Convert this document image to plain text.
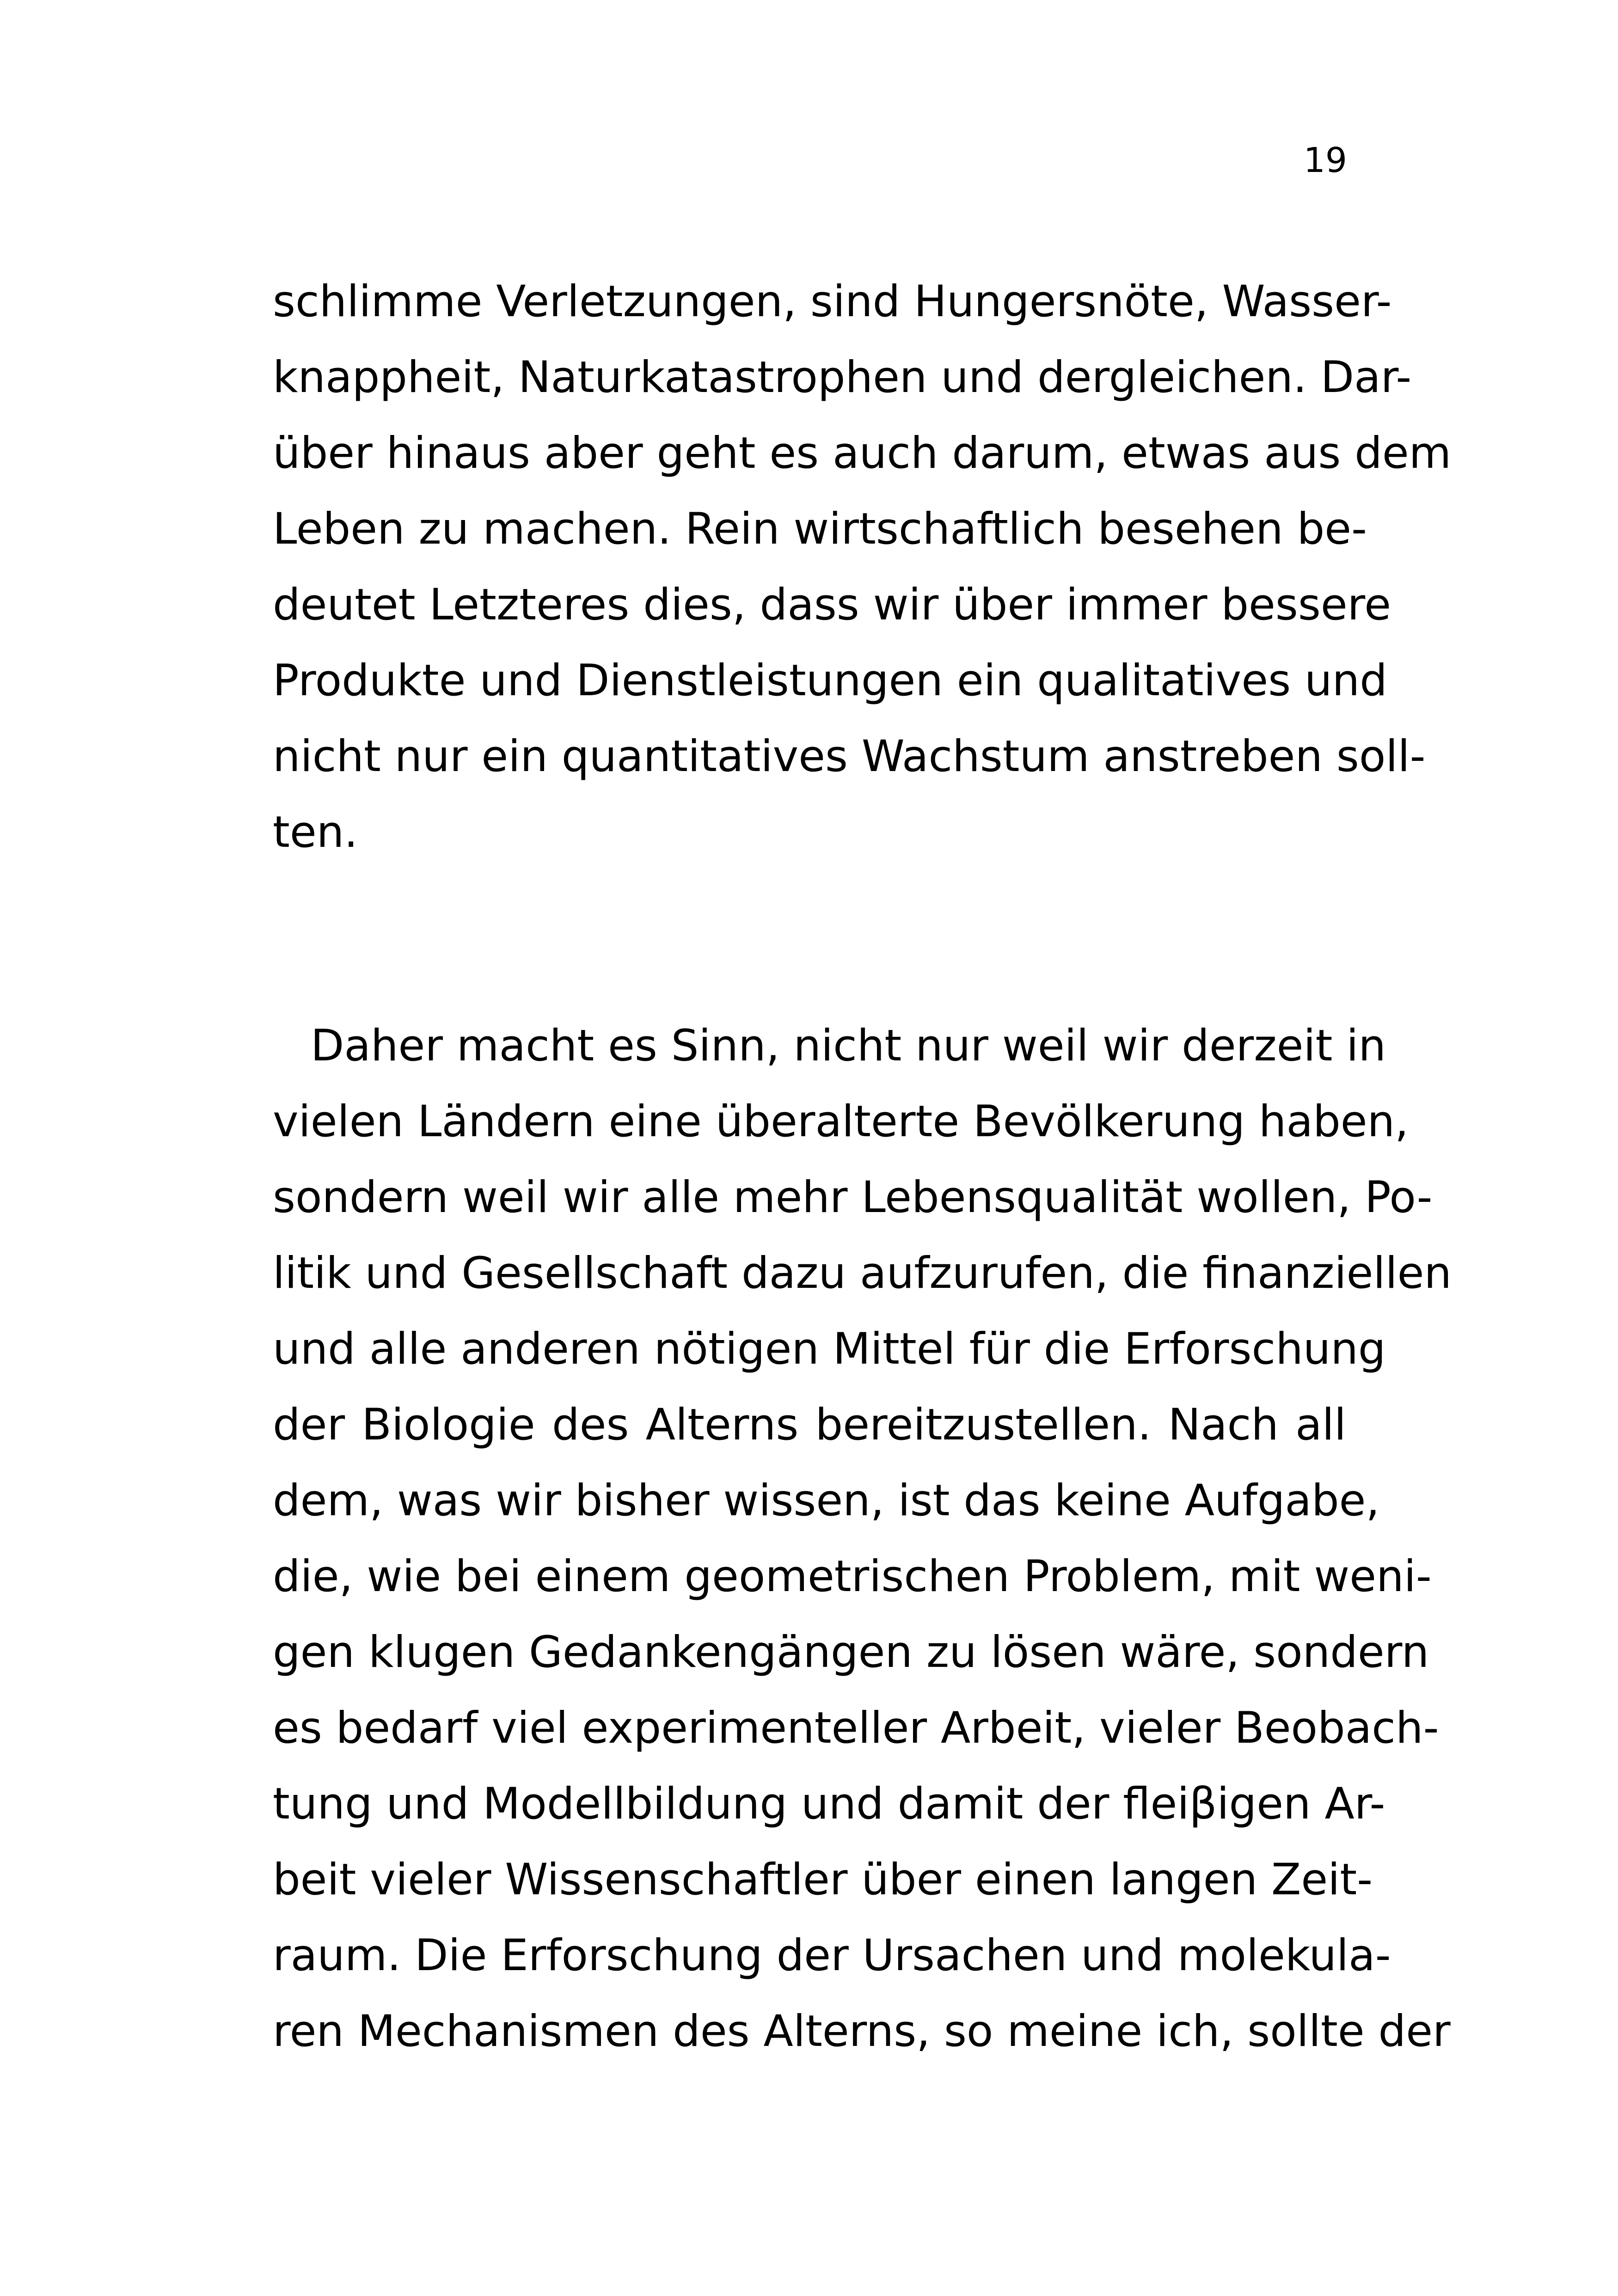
19
schlimme Verletzungen, sind Hungersnöte, Wasser-
knappheit, Naturkatastrophen und dergleichen. Dar-
über hinaus aber geht es auch darum, etwas aus dem
Leben zu machen. Rein wirtschaftlich besehen be-
deutet Letzteres dies, dass wir über immer bessere
Produkte und Dienstleistungen ein qualitatives und
nicht nur ein quantitatives Wachstum anstreben soll-
ten.
Daher macht es Sinn, nicht nur weil wir derzeit in
vielen Ländern eine überalterte Bevölkerung haben,
sondern weil wir alle mehr Lebensqualität wollen, Po-
litik und Gesellschaft dazu aufzurufen, die finanziellen
und alle anderen nötigen Mittel für die Erforschung
der Biologie des Alterns bereitzustellen. Nach all
dem, was wir bisher wissen, ist das keine Aufgabe,
die, wie bei einem geometrischen Problem, mit weni-
gen klugen Gedankengängen zu lösen wäre, sondern
es bedarf viel experimenteller Arbeit, vieler Beobach-
tung und Modellbildung und damit der fleiβigen Ar-
beit vieler Wissenschaftler über einen langen Zeit-
raum. Die Erforschung der Ursachen und molekula-
ren Mechanismen des Alterns, so meine ich, sollte der
